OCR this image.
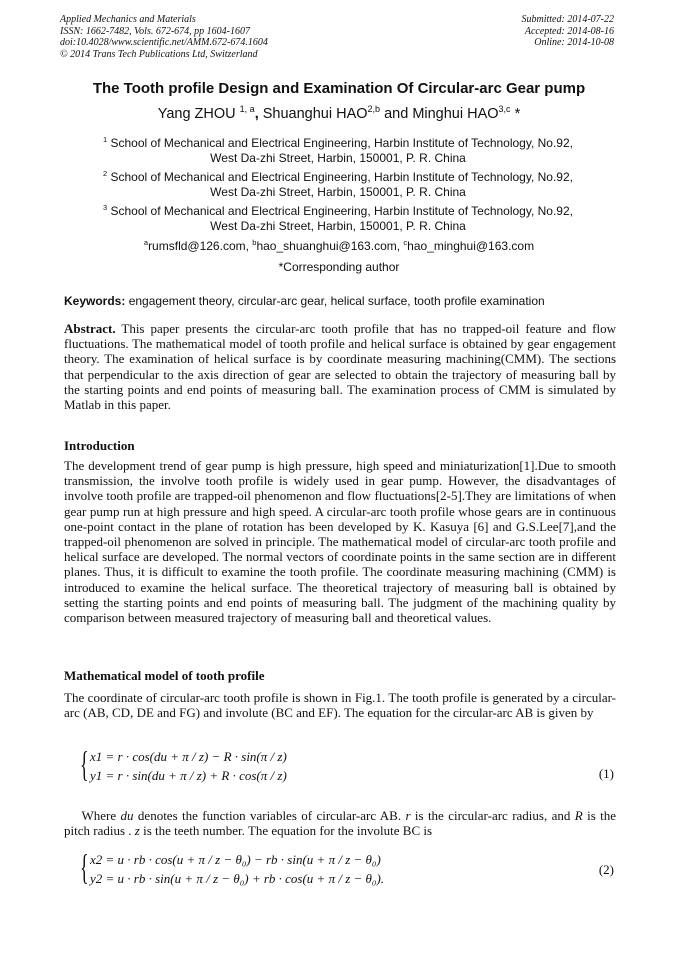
Applied Mechanics and Materials
ISSN: 1662-7482, Vols. 672-674, pp 1604-1607
doi:10.4028/www.scientific.net/AMM.672-674.1604
© 2014 Trans Tech Publications Ltd, Switzerland
Submitted: 2014-07-22
Accepted: 2014-08-16
Online: 2014-10-08
The Tooth profile Design and Examination Of Circular-arc Gear pump
Yang ZHOU $^{1, a}$, Shuanghui HAO$^{2,b}$ and Minghui HAO$^{3,c}$ *
$^1$ School of Mechanical and Electrical Engineering, Harbin Institute of Technology, No.92,
West Da-zhi Street, Harbin, 150001, P. R. China
$^2$ School of Mechanical and Electrical Engineering, Harbin Institute of Technology, No.92,
West Da-zhi Street, Harbin, 150001, P. R. China
$^3$ School of Mechanical and Electrical Engineering, Harbin Institute of Technology, No.92,
West Da-zhi Street, Harbin, 150001, P. R. China
$^a$rumsfld@126.com, $^b$hao_shuanghui@163.com, $^c$hao_minghui@163.com
*Corresponding author
Keywords: engagement theory, circular-arc gear, helical surface, tooth profile examination
Abstract. This paper presents the circular-arc tooth profile that has no trapped-oil feature and flow fluctuations. The mathematical model of tooth profile and helical surface is obtained by gear engagement theory. The examination of helical surface is by coordinate measuring machining(CMM). The sections that perpendicular to the axis direction of gear are selected to obtain the trajectory of measuring ball by the starting points and end points of measuring ball. The examination process of CMM is simulated by Matlab in this paper.
Introduction
The development trend of gear pump is high pressure, high speed and miniaturization[1].Due to smooth transmission, the involve tooth profile is widely used in gear pump. However, the disadvantages of involve tooth profile are trapped-oil phenomenon and flow fluctuations[2-5].They are limitations of when gear pump run at high pressure and high speed. A circular-arc tooth profile whose gears are in continuous one-point contact in the plane of rotation has been developed by K. Kasuya [6] and G.S.Lee[7],and the trapped-oil phenomenon are solved in principle. The mathematical model of circular-arc tooth profile and helical surface are developed. The normal vectors of coordinate points in the same section are in different planes. Thus, it is difficult to examine the tooth profile. The coordinate measuring machining (CMM) is introduced to examine the helical surface. The theoretical trajectory of measuring ball is obtained by setting the starting points and end points of measuring ball. The judgment of the machining quality by comparison between measured trajectory of measuring ball and theoretical values.
Mathematical model of tooth profile
The coordinate of circular-arc tooth profile is shown in Fig.1. The tooth profile is generated by a circular-arc (AB, CD, DE and FG) and involute (BC and EF). The equation for the circular-arc AB is given by
{ x1 = r · cos(du + π / z) − R · sin(π / z)
y1 = r · sin(du + π / z) + R · cos(π / z)	(1)
Where du denotes the function variables of circular-arc AB. r is the circular-arc radius, and R is the pitch radius . z is the teeth number. The equation for the involute BC is
{ x2 = u · rb · cos(u + π / z − θ₀) − rb · sin(u + π / z − θ₀)
y2 = u · rb · sin(u + π / z − θ₀) + rb · cos(u + π / z − θ₀).
(2)
